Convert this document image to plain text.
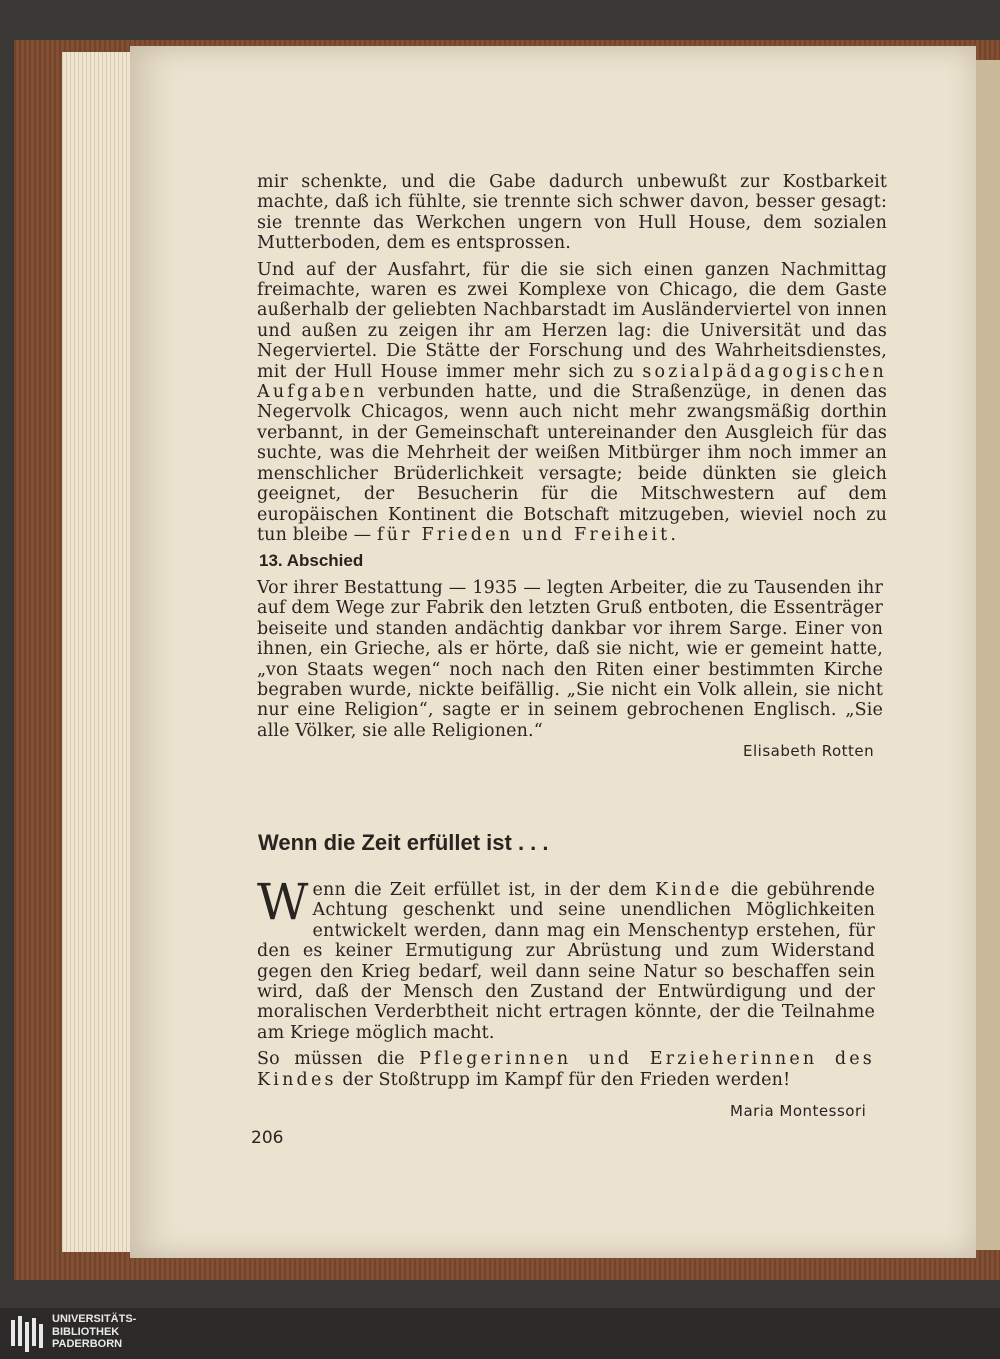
mir schenkte, und die Gabe dadurch unbewußt zur Kostbarkeit machte, daß ich fühlte, sie trennte sich schwer davon, besser gesagt: sie trennte das Werkchen ungern von Hull House, dem sozialen Mutterboden, dem es entsprossen.

Und auf der Ausfahrt, für die sie sich einen ganzen Nachmittag freimachte, waren es zwei Komplexe von Chicago, die dem Gaste außerhalb der geliebten Nachbarstadt im Ausländerviertel von innen und außen zu zeigen ihr am Herzen lag: die Universität und das Negerviertel. Die Stätte der Forschung und des Wahrheitsdienstes, mit der Hull House immer mehr sich zu sozialpädagogischen Aufgaben verbunden hatte, und die Straßenzüge, in denen das Negervolk Chicagos, wenn auch nicht mehr zwangsmäßig dorthin verbannt, in der Gemeinschaft untereinander den Ausgleich für das suchte, was die Mehrheit der weißen Mitbürger ihm noch immer an menschlicher Brüderlichkeit versagte; beide dünkten sie gleich geeignet, der Besucherin für die Mitschwestern auf dem europäischen Kontinent die Botschaft mitzugeben, wieviel noch zu tun bleibe — für Frieden und Freiheit.

13. Abschied

Vor ihrer Bestattung — 1935 — legten Arbeiter, die zu Tausenden ihr auf dem Wege zur Fabrik den letzten Gruß entboten, die Essenträger beiseite und standen andächtig dankbar vor ihrem Sarge. Einer von ihnen, ein Grieche, als er hörte, daß sie nicht, wie er gemeint hatte, „von Staats wegen“ noch nach den Riten einer bestimmten Kirche begraben wurde, nickte beifällig. „Sie nicht ein Volk allein, sie nicht nur eine Religion“, sagte er in seinem gebrochenen Englisch. „Sie alle Völker, sie alle Religionen.“

Elisabeth Rotten
Wenn die Zeit erfüllet ist . . .

W enn die Zeit erfüllet ist, in der dem Kinde die gebührende Achtung geschenkt und seine unendlichen Möglichkeiten entwickelt werden, dann mag ein Menschentyp erstehen, für den es keiner Ermutigung zur Abrüstung und zum Widerstand gegen den Krieg bedarf, weil dann seine Natur so beschaffen sein wird, daß der Mensch den Zustand der Entwürdigung und der moralischen Verderbtheit nicht ertragen könnte, der die Teilnahme am Kriege möglich macht.

So müssen die Pflegerinnen und Erzieherinnen des Kindes der Stoßtrupp im Kampf für den Frieden werden!

Maria Montessori
206
UNIVERSITÄTS-
BIBLIOTHEK
PADERBORN
